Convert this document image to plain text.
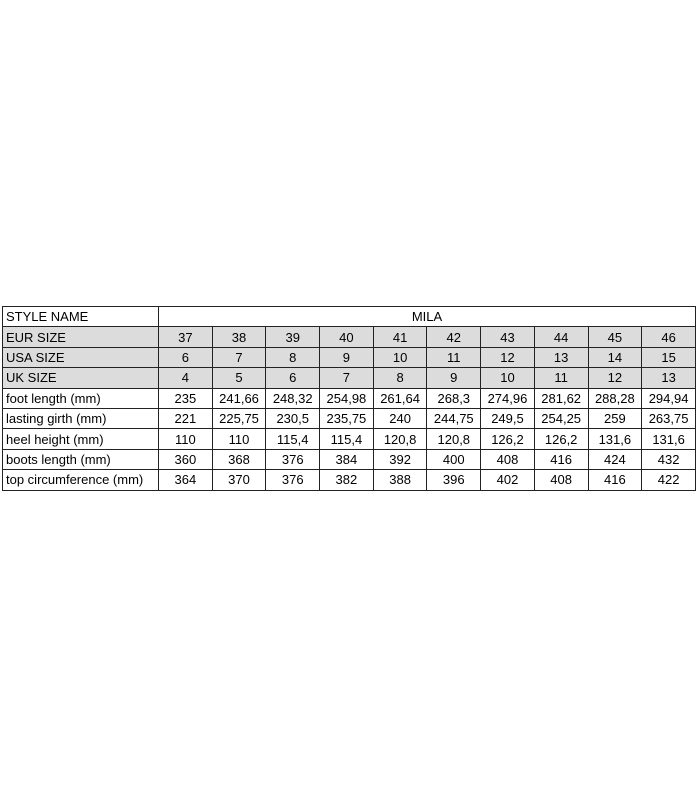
STYLE NAME	MILA									
EUR SIZE	37	38	39	40	41	42	43	44	45	46
USA SIZE	6	7	8	9	10	11	12	13	14	15
UK SIZE	4	5	6	7	8	9	10	11	12	13
foot length (mm)	235	241,66	248,32	254,98	261,64	268,3	274,96	281,62	288,28	294,94
lasting girth (mm)	221	225,75	230,5	235,75	240	244,75	249,5	254,25	259	263,75
heel height (mm)	110	110	115,4	115,4	120,8	120,8	126,2	126,2	131,6	131,6
boots length (mm)	360	368	376	384	392	400	408	416	424	432
top circumference (mm)	364	370	376	382	388	396	402	408	416	422
